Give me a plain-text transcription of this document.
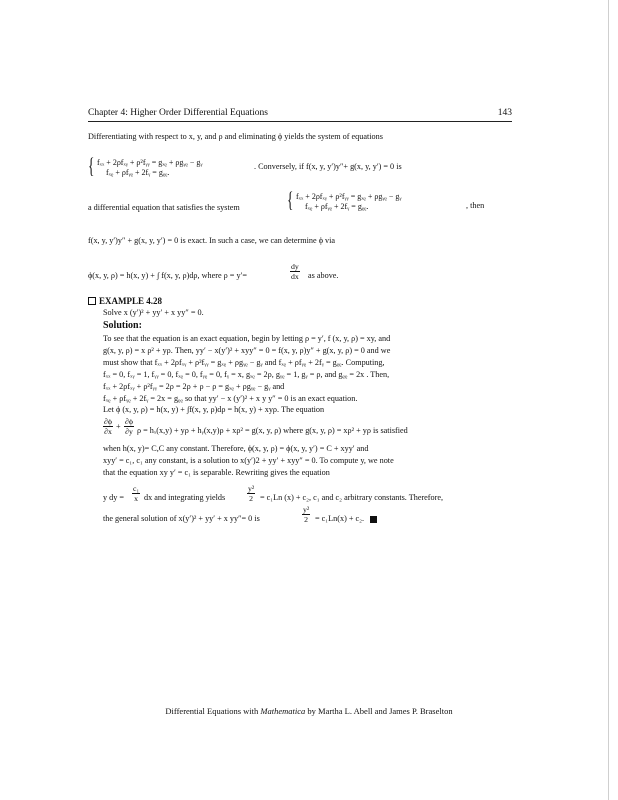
Chapter 4: Higher Order Differential Equations	143
Differentiating with respect to x, y, and ρ and eliminating ϕ yields the system of equations
{ fₓₓ + 2ρfₓᵧ + ρ²fᵧᵧ = gₓᵨ + ρgᵧᵨ − gᵧ
fₓᵨ + ρfᵧᵨ + 2fᵧ = gᵨᵨ.
. Conversely, if f(x, y, y′)y″+ g(x, y, y′) = 0 is
a differential equation that satisfies the system { fₓₓ + 2ρfₓᵧ + ρ²fᵧᵧ = gₓᵨ + ρgᵧᵨ − gᵧ
fₓᵨ + ρfᵧᵨ + 2fᵧ = gᵨᵨ.	, then
f(x, y, y′)y″ + g(x, y, y′) = 0 is exact. In such a case, we can determine ϕ via
ϕ(x, y, ρ) = h(x, y) + ∫ f(x, y, ρ)dρ, where ρ = y′=	$\frac{dy}{dx}$ as above.
EXAMPLE 4.28
Solve x (y′)² + yy′ + x yy″ = 0.
Solution:
To see that the equation is an exact equation, begin by letting ρ = y′, f (x, y, ρ) = xy, and
g(x, y, ρ) = x ρ² + yρ. Then, yy′ − x(y′)² + xyy″ = 0 = f(x, y, ρ)y″ + g(x, y, ρ) = 0 and we
must show that fₓₓ + 2ρfₓᵧ + ρ²fᵧᵧ = gₓᵨ + ρgᵧᵨ − gᵧ and fₓᵨ + ρfᵧᵨ + 2fᵧ = gᵨᵨ. Computing,
fₓₓ = 0, fₓᵧ = 1, fᵧᵧ = 0, fₓᵨ = 0, fᵧᵨ = 0, fᵧ = x, gₓᵨ = 2ρ, gᵧᵨ = 1, gᵧ = ρ, and gᵨᵨ = 2x . Then,
fₓₓ + 2ρfₓᵧ + ρ²fᵧᵧ = 2ρ = 2ρ + ρ − ρ = gₓᵨ + ρgᵧᵨ − gᵧ and
fₓᵨ + ρfᵧᵨ + 2fᵧ = 2x = gᵨᵨ so that yy′ − x (y′)² + x y y″ = 0 is an exact equation.
Let ϕ (x, y, ρ) = h(x, y) + ∫f(x, y, ρ)dρ = h(x, y) + xyρ. The equation
$\frac{\partial\phi}{\partial x} + \frac{\partial\phi}{\partial y}$ ρ = hₓ(x,y) + yρ + hᵧ(x,y)ρ + xρ² = g(x, y, ρ) where g(x, y, ρ) = xρ² + yρ is satisfied
when h(x, y)= C,C any constant. Therefore, ϕ(x, y, ρ) = ϕ(x, y, y′) = C + xyy′ and
xyy′ = c₁, c₁ any constant, is a solution to x(y′)2 + yy′ + xyy″ = 0. To compute y, we note
that the equation xy y′ = c₁ is separable. Rewriting gives the equation
y dy = $\frac{\text{c₁}}{x}$ dx and integrating yields	$\frac{\text{y²}}{2} = c_1Ln$ (x) + c₂, c₁ and c₂ arbitrary constants. Therefore,
the general solution of x(y′)² + yy′ + x yy″= 0 is	$\frac{\text{y²}}{2} = c_1Ln(x) + c_2$.
Differential Equations with Mathematica by Martha L. Abell and James P. Braselton
